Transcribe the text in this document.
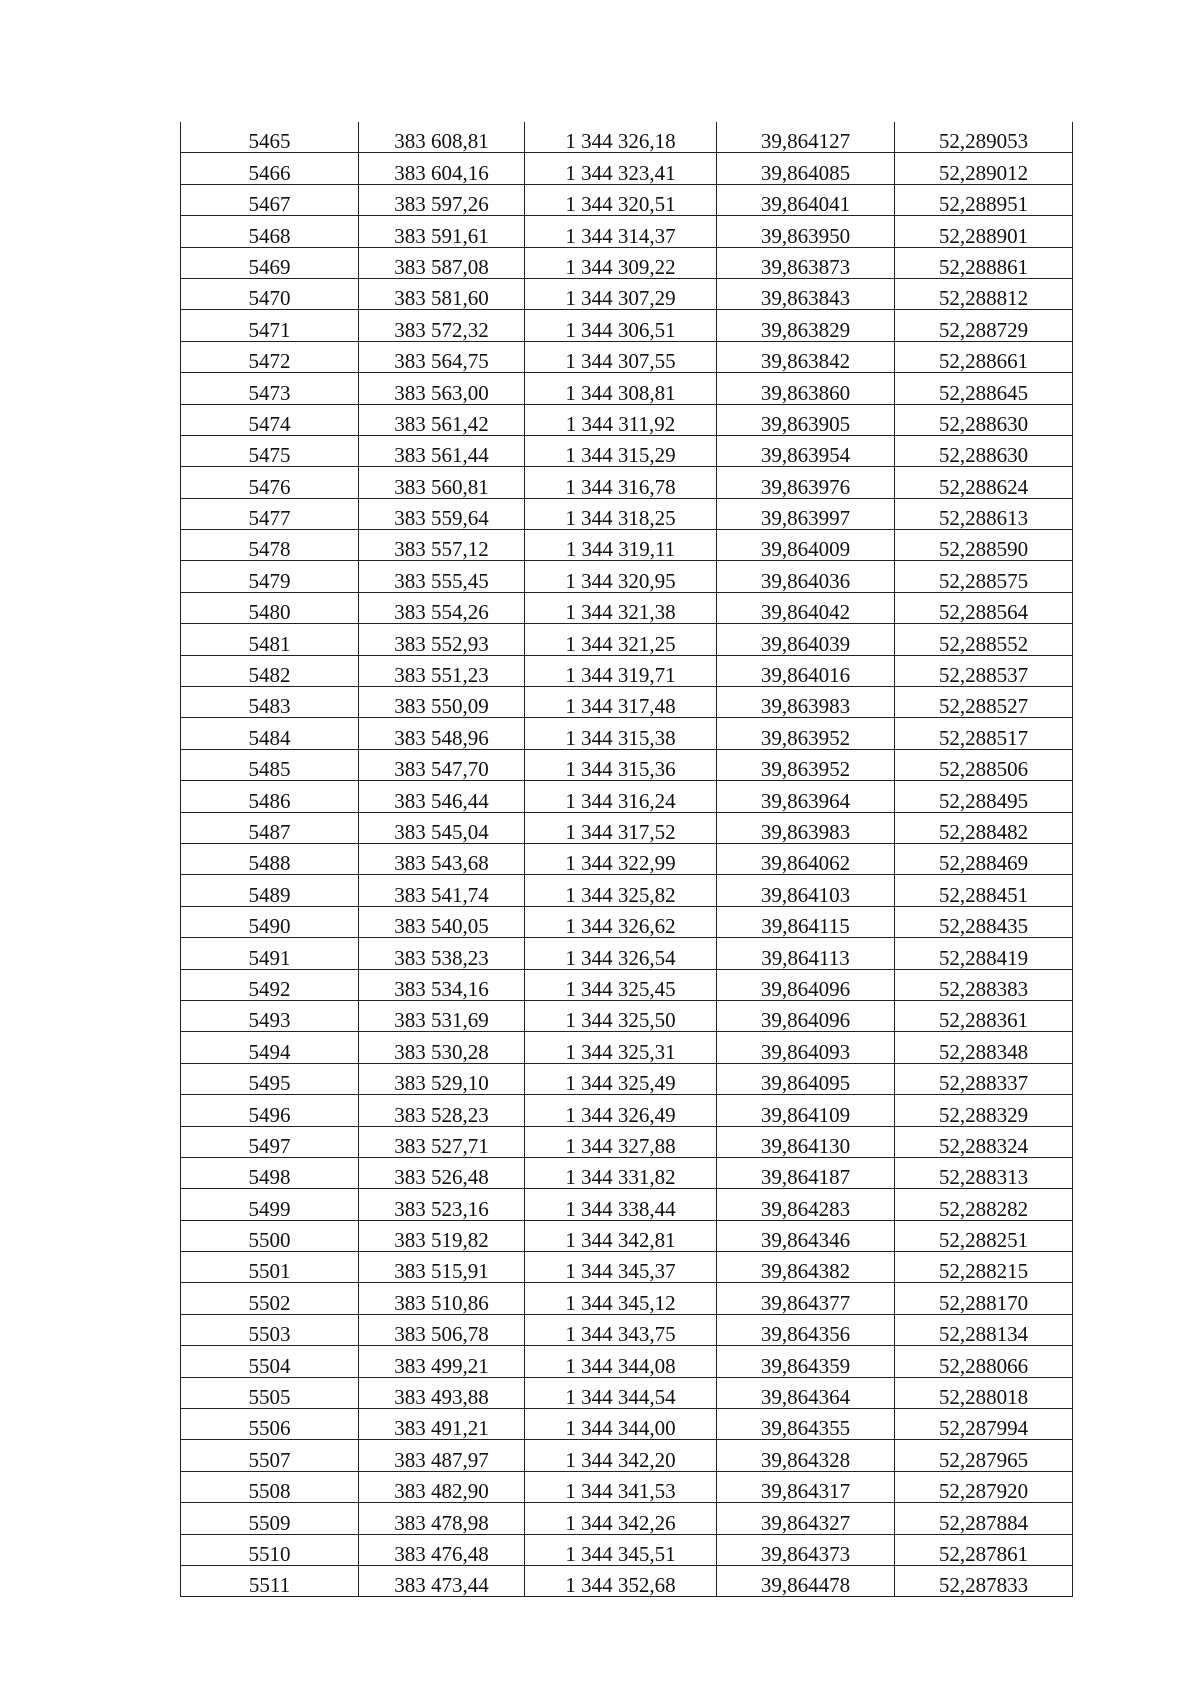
5465	383 608,81	1 344 326,18	39,864127	52,289053
5466	383 604,16	1 344 323,41	39,864085	52,289012
5467	383 597,26	1 344 320,51	39,864041	52,288951
5468	383 591,61	1 344 314,37	39,863950	52,288901
5469	383 587,08	1 344 309,22	39,863873	52,288861
5470	383 581,60	1 344 307,29	39,863843	52,288812
5471	383 572,32	1 344 306,51	39,863829	52,288729
5472	383 564,75	1 344 307,55	39,863842	52,288661
5473	383 563,00	1 344 308,81	39,863860	52,288645
5474	383 561,42	1 344 311,92	39,863905	52,288630
5475	383 561,44	1 344 315,29	39,863954	52,288630
5476	383 560,81	1 344 316,78	39,863976	52,288624
5477	383 559,64	1 344 318,25	39,863997	52,288613
5478	383 557,12	1 344 319,11	39,864009	52,288590
5479	383 555,45	1 344 320,95	39,864036	52,288575
5480	383 554,26	1 344 321,38	39,864042	52,288564
5481	383 552,93	1 344 321,25	39,864039	52,288552
5482	383 551,23	1 344 319,71	39,864016	52,288537
5483	383 550,09	1 344 317,48	39,863983	52,288527
5484	383 548,96	1 344 315,38	39,863952	52,288517
5485	383 547,70	1 344 315,36	39,863952	52,288506
5486	383 546,44	1 344 316,24	39,863964	52,288495
5487	383 545,04	1 344 317,52	39,863983	52,288482
5488	383 543,68	1 344 322,99	39,864062	52,288469
5489	383 541,74	1 344 325,82	39,864103	52,288451
5490	383 540,05	1 344 326,62	39,864115	52,288435
5491	383 538,23	1 344 326,54	39,864113	52,288419
5492	383 534,16	1 344 325,45	39,864096	52,288383
5493	383 531,69	1 344 325,50	39,864096	52,288361
5494	383 530,28	1 344 325,31	39,864093	52,288348
5495	383 529,10	1 344 325,49	39,864095	52,288337
5496	383 528,23	1 344 326,49	39,864109	52,288329
5497	383 527,71	1 344 327,88	39,864130	52,288324
5498	383 526,48	1 344 331,82	39,864187	52,288313
5499	383 523,16	1 344 338,44	39,864283	52,288282
5500	383 519,82	1 344 342,81	39,864346	52,288251
5501	383 515,91	1 344 345,37	39,864382	52,288215
5502	383 510,86	1 344 345,12	39,864377	52,288170
5503	383 506,78	1 344 343,75	39,864356	52,288134
5504	383 499,21	1 344 344,08	39,864359	52,288066
5505	383 493,88	1 344 344,54	39,864364	52,288018
5506	383 491,21	1 344 344,00	39,864355	52,287994
5507	383 487,97	1 344 342,20	39,864328	52,287965
5508	383 482,90	1 344 341,53	39,864317	52,287920
5509	383 478,98	1 344 342,26	39,864327	52,287884
5510	383 476,48	1 344 345,51	39,864373	52,287861
5511	383 473,44	1 344 352,68	39,864478	52,287833
